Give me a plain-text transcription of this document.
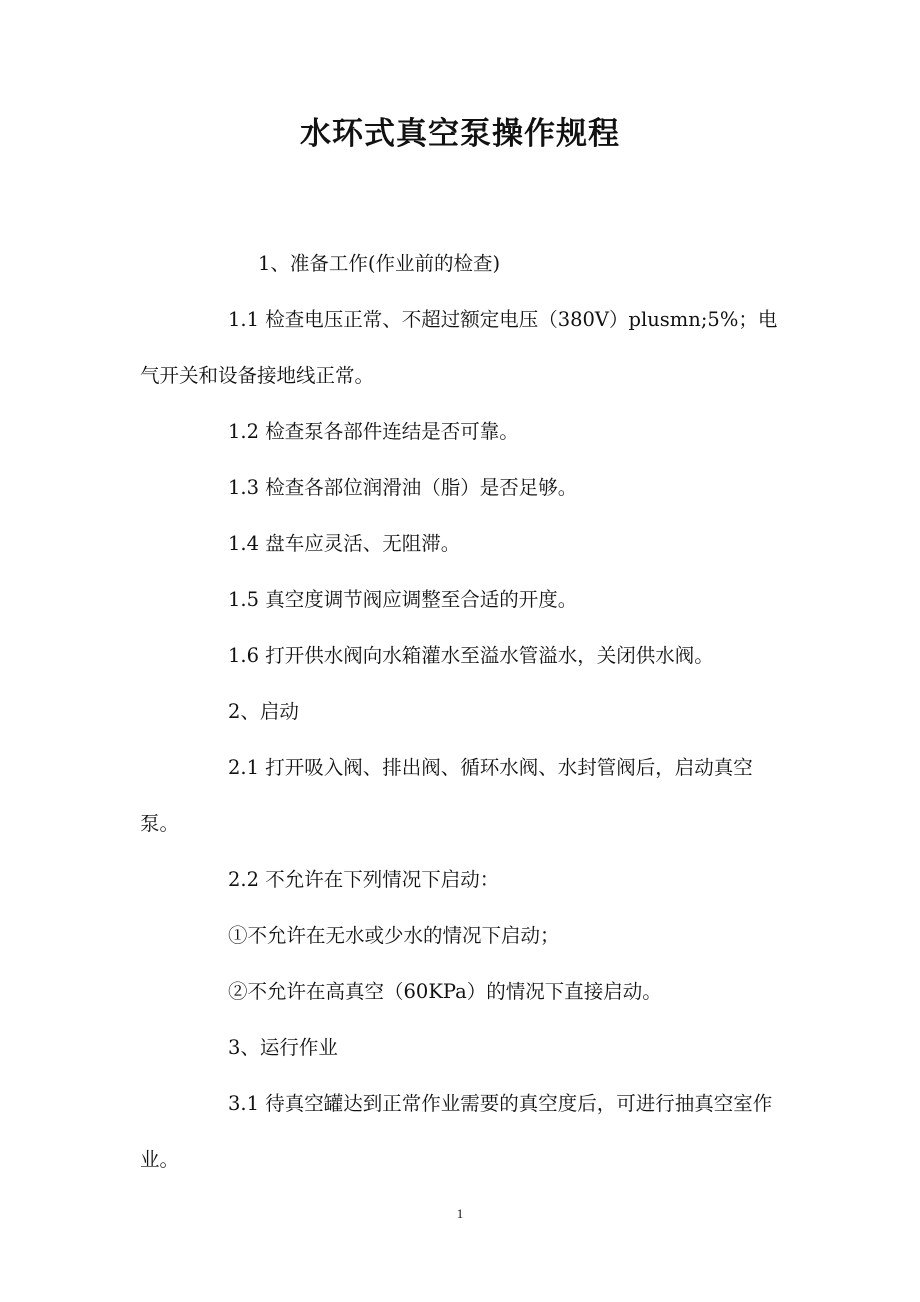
水环式真空泵操作规程

1、准备工作(作业前的检查)

1.1 检查电压正常、不超过额定电压（380V）plusmn;5%；电气开关和设备接地线正常。

1.2 检查泵各部件连结是否可靠。

1.3 检查各部位润滑油（脂）是否足够。

1.4 盘车应灵活、无阻滞。

1.5 真空度调节阀应调整至合适的开度。

1.6 打开供水阀向水箱灌水至溢水管溢水，关闭供水阀。

2、启动

2.1 打开吸入阀、排出阀、循环水阀、水封管阀后，启动真空泵。

2.2 不允许在下列情况下启动：

①不允许在无水或少水的情况下启动；

②不允许在高真空（60KPa）的情况下直接启动。

3、运行作业

3.1 待真空罐达到正常作业需要的真空度后，可进行抽真空室作业。

1
